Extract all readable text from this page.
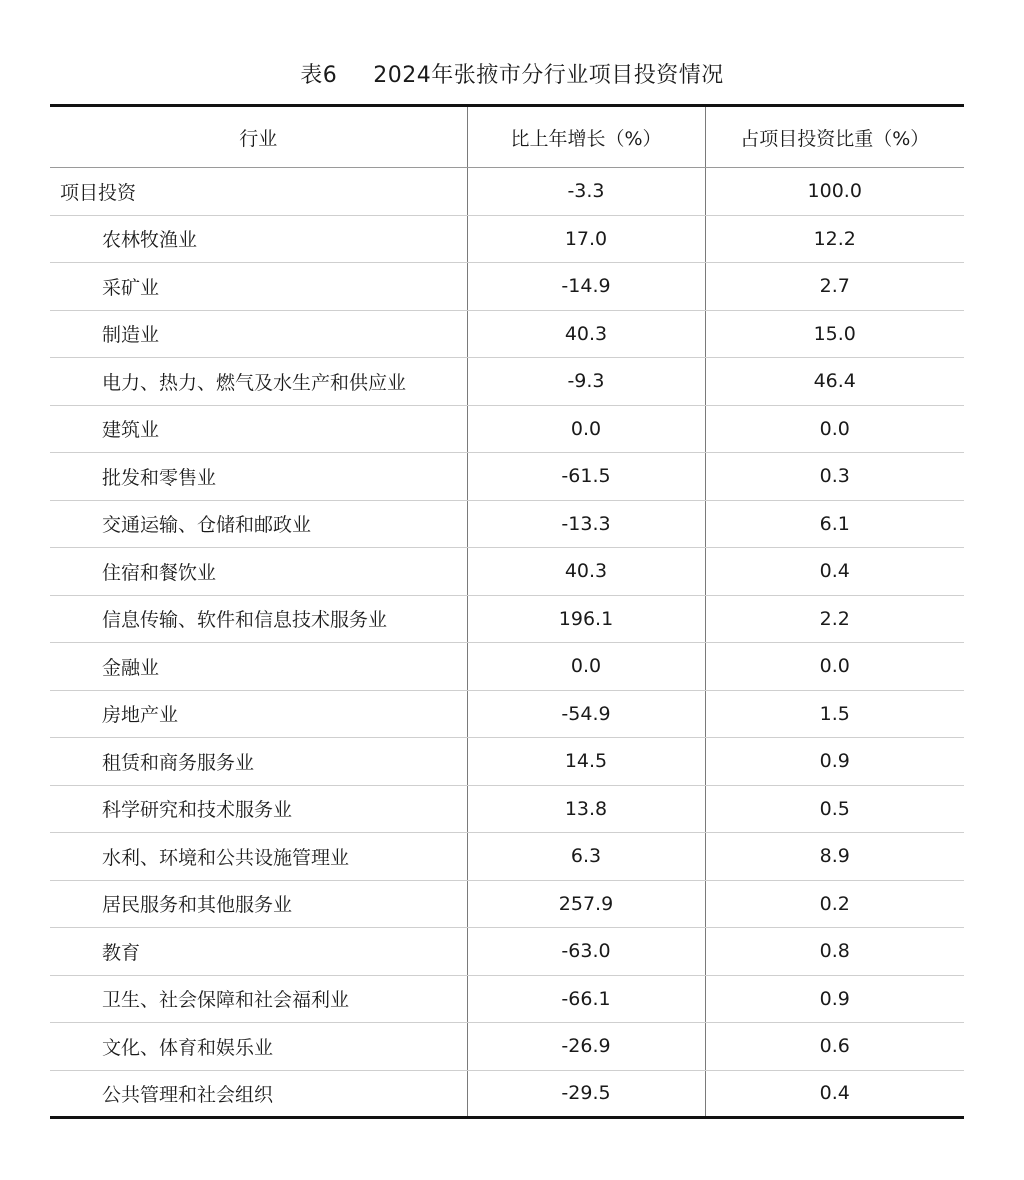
表6 2024年张掖市分行业项目投资情况
行业	比上年增长（%）	占项目投资比重（%）
项目投资	-3.3	100.0
农林牧渔业	17.0	12.2
采矿业	-14.9	2.7
制造业	40.3	15.0
电力、热力、燃气及水生产和供应业	-9.3	46.4
建筑业	0.0	0.0
批发和零售业	-61.5	0.3
交通运输、仓储和邮政业	-13.3	6.1
住宿和餐饮业	40.3	0.4
信息传输、软件和信息技术服务业	196.1	2.2
金融业	0.0	0.0
房地产业	-54.9	1.5
租赁和商务服务业	14.5	0.9
科学研究和技术服务业	13.8	0.5
水利、环境和公共设施管理业	6.3	8.9
居民服务和其他服务业	257.9	0.2
教育	-63.0	0.8
卫生、社会保障和社会福利业	-66.1	0.9
文化、体育和娱乐业	-26.9	0.6
公共管理和社会组织	-29.5	0.4
